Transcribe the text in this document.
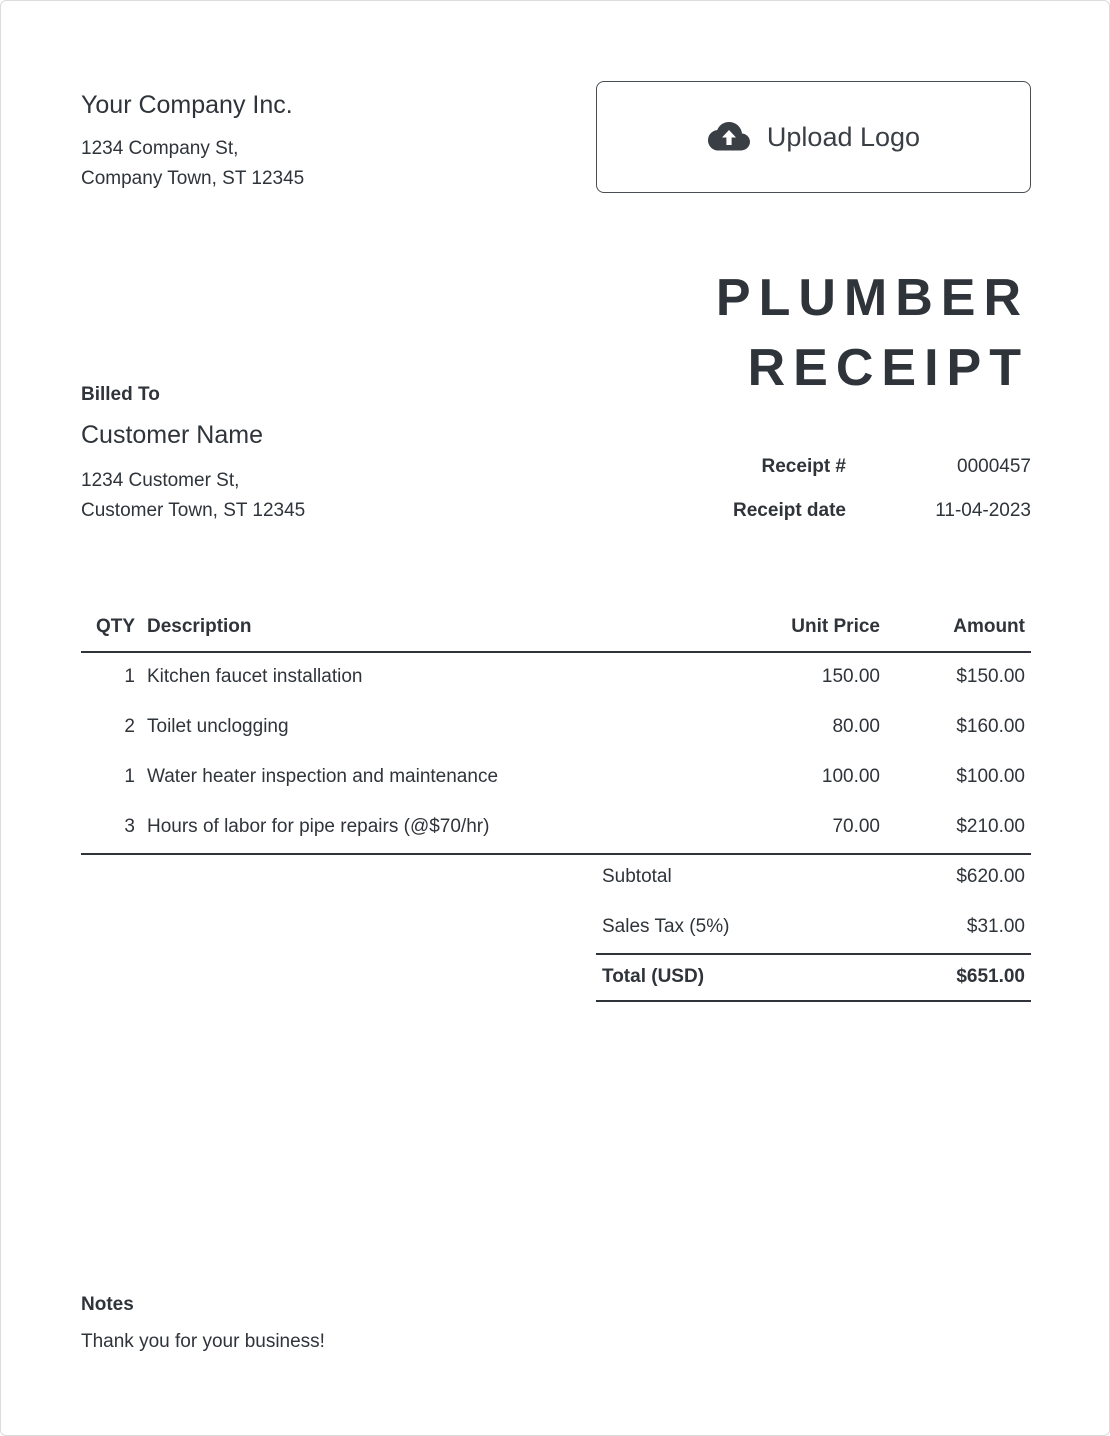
Your Company Inc.
1234 Company St,
Company Town, ST 12345
Upload Logo
PLUMBER
RECEIPT
Billed To
Customer Name
1234 Customer St,
Customer Town, ST 12345
Receipt #	0000457
Receipt date	11-04-2023
QTY Description	Unit Price	Amount
1 Kitchen faucet installation	150.00	$150.00
2 Toilet unclogging	80.00	$160.00
1 Water heater inspection and maintenance	100.00	$100.00
3 Hours of labor for pipe repairs (@$70/hr)	70.00	$210.00
Subtotal	$620.00
Sales Tax (5%)	$31.00
Total (USD)	$651.00
Notes
Thank you for your business!
